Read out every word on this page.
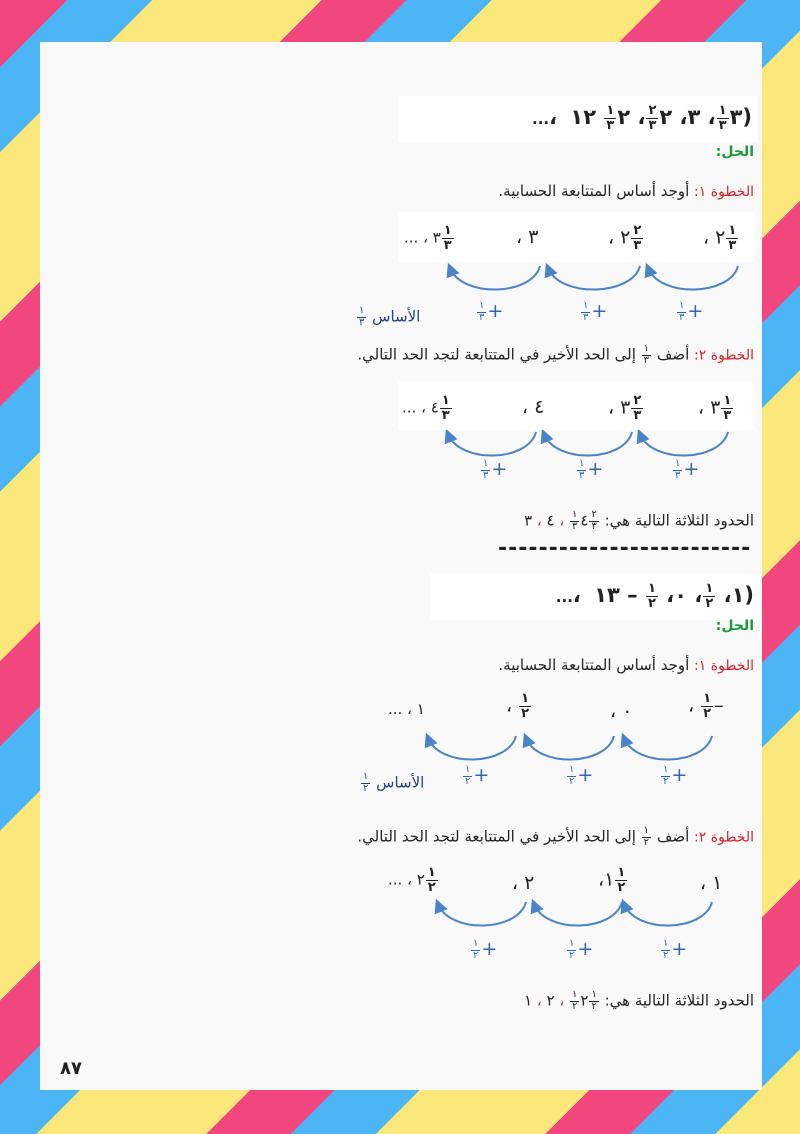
...،	٣
$\frac{١}{٣}$
، ٣، ٢
$\frac{٢}{٣}$
، ٢
$\frac{١}{٣}$
١٢)
الحل:
الخطوة ١: أوجد أساس المتتابعة الحسابية.
... ، ٣ $\frac{١}{٣}$	، ٣	، ٢ $\frac{٢}{٣}$	، ٢ $\frac{١}{٣}$
$\frac{١}{٣}$ +
$\frac{١}{٣}$ +
$\frac{١}{٣}$ +
$\frac{١}{٣}$ الأساس
الخطوة ٢: أضف
$\frac{١}{٣}$
إلى الحد الأخير في المتتابعة لتجد الحد التالي.
... ، ٤ $\frac{١}{٣}$	، ٤	، ٣ $\frac{٢}{٣}$	، ٣ $\frac{١}{٣}$
$\frac{١}{٣}$ +
$\frac{١}{٣}$ +
$\frac{١}{٣}$ +
الحدود الثلاثة التالية هي: ٤
$\frac{١}{٣}$
، ٤ ، ٣	$\frac{٢}{٣}$
-------------------------
...،	١،
$\frac{١}{٢}$
، ٠،
$\frac{١}{٢}$
– ١٣)
الحل:
الخطوة ١: أوجد أساس المتتابعة الحسابية.
... ، ١	، $\frac{١}{٢}$	، ٠	، $\frac{١}{٢}$ –
$\frac{١}{٢}$ +
$\frac{١}{٢}$ +
$\frac{١}{٢}$ +
$\frac{١}{٢}$ الأساس
الخطوة ٢: أضف
$\frac{١}{٢}$
إلى الحد الأخير في المتتابعة لتجد الحد التالي.
... ، ٢ $\frac{١}{٢}$	، ٢	،١ $\frac{١}{٢}$	، ١
$\frac{١}{٢}$ +
$\frac{١}{٢}$ +
$\frac{١}{٢}$ +
الحدود الثلاثة التالية هي: ٢
$\frac{١}{٢}$
، ٢ ، ١	$\frac{١}{٢}$
٨٧
